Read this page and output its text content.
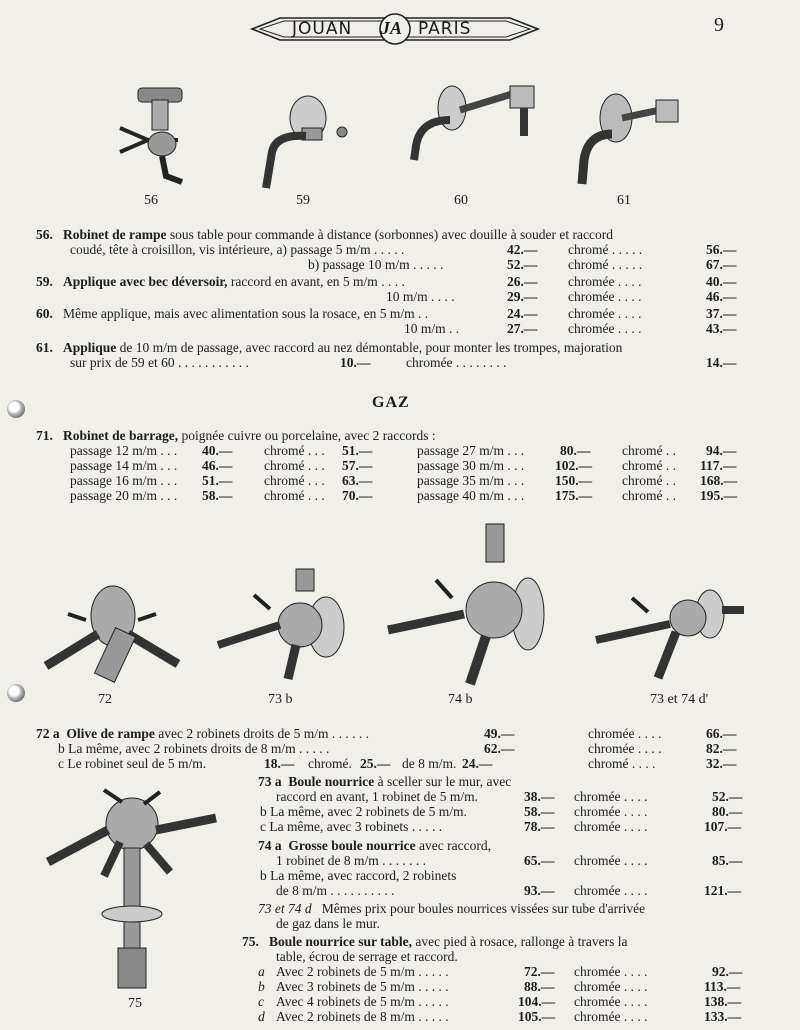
JOUAN JA PARIS	9
56	59	60	61
56. Robinet de rampe sous table pour commande à distance (sorbonnes) avec douille à souder et raccord
coudé, tête à croisillon, vis intérieure, a) passage 5 m/m . . . . .	42.— chromé . . . . .	56.—
b) passage 10 m/m . . . . .	52.— chromé . . . . .	67.—
59. Applique avec bec déversoir, raccord en avant, en 5 m/m . . . .	26.— chromée . . . .	40.—
10 m/m . . . .	29.— chromée . . . .	46.—
60. Même applique, mais avec alimentation sous la rosace, en 5 m/m . .	24.— chromée . . . .	37.—
10 m/m . .	27.— chromée . . . .	43.—
61. Applique de 10 m/m de passage, avec raccord au nez démontable, pour monter les trompes, majoration
sur prix de 59 et 60 . . . . . . . . . . .	10.—	chromée . . . . . . . .	14.—
GAZ
71. Robinet de barrage, poignée cuivre ou porcelaine, avec 2 raccords :
passage 12 m/m . . . 40.— chromé . . . 51.—	passage 27 m/m . . .	80.— chromé . . 94.—
passage 14 m/m . . . 46.— chromé . . . 57.—	passage 30 m/m . . . 102.— chromé . . 117.—
passage 16 m/m . . . 51.— chromé . . . 63.—	passage 35 m/m . . . 150.— chromé . . 168.—
passage 20 m/m . . . 58.— chromé . . . 70.—	passage 40 m/m . . . 175.— chromé . . 195.—
72	73 b	74 b	73 et 74 d'
72 a Olive de rampe avec 2 robinets droits de 5 m/m . . . . . .	49.—	chromée . . . .	66.—
b La même, avec 2 robinets droits de 8 m/m . . . . .	62.—	chromée . . . .	82.—
c Le robinet seul de 5 m/m.	18.— chromé. 25.— de 8 m/m. 24.—	chromé . . . .	32.—
75
73 a Boule nourrice à sceller sur le mur, avec
raccord en avant, 1 robinet de 5 m/m.	38.— chromée . . . .	52.—
b La même, avec 2 robinets de 5 m/m.	58.— chromée . . . .	80.—
c La même, avec 3 robinets . . . . .	78.— chromée . . . .	107.—
74 a Grosse boule nourrice avec raccord,
1 robinet de 8 m/m . . . . . . .	65.— chromée . . . .	85.—
b La même, avec raccord, 2 robinets
de 8 m/m . . . . . . . . . .	93.— chromée . . . .	121.—
73 et 74 d Mêmes prix pour boules nourrices vissées sur tube d'arrivée
de gaz dans le mur.
75. Boule nourrice sur table, avec pied à rosace, rallonge à travers la
table, écrou de serrage et raccord.
a Avec 2 robinets de 5 m/m . . . . .	72.— chromée . . . .	92.—
b Avec 3 robinets de 5 m/m . . . . .	88.— chromée . . . .	113.—
c Avec 4 robinets de 5 m/m . . . . .	104.— chromée . . . .	138.—
d Avec 2 robinets de 8 m/m . . . . .	105.— chromée . . . .	133.—
